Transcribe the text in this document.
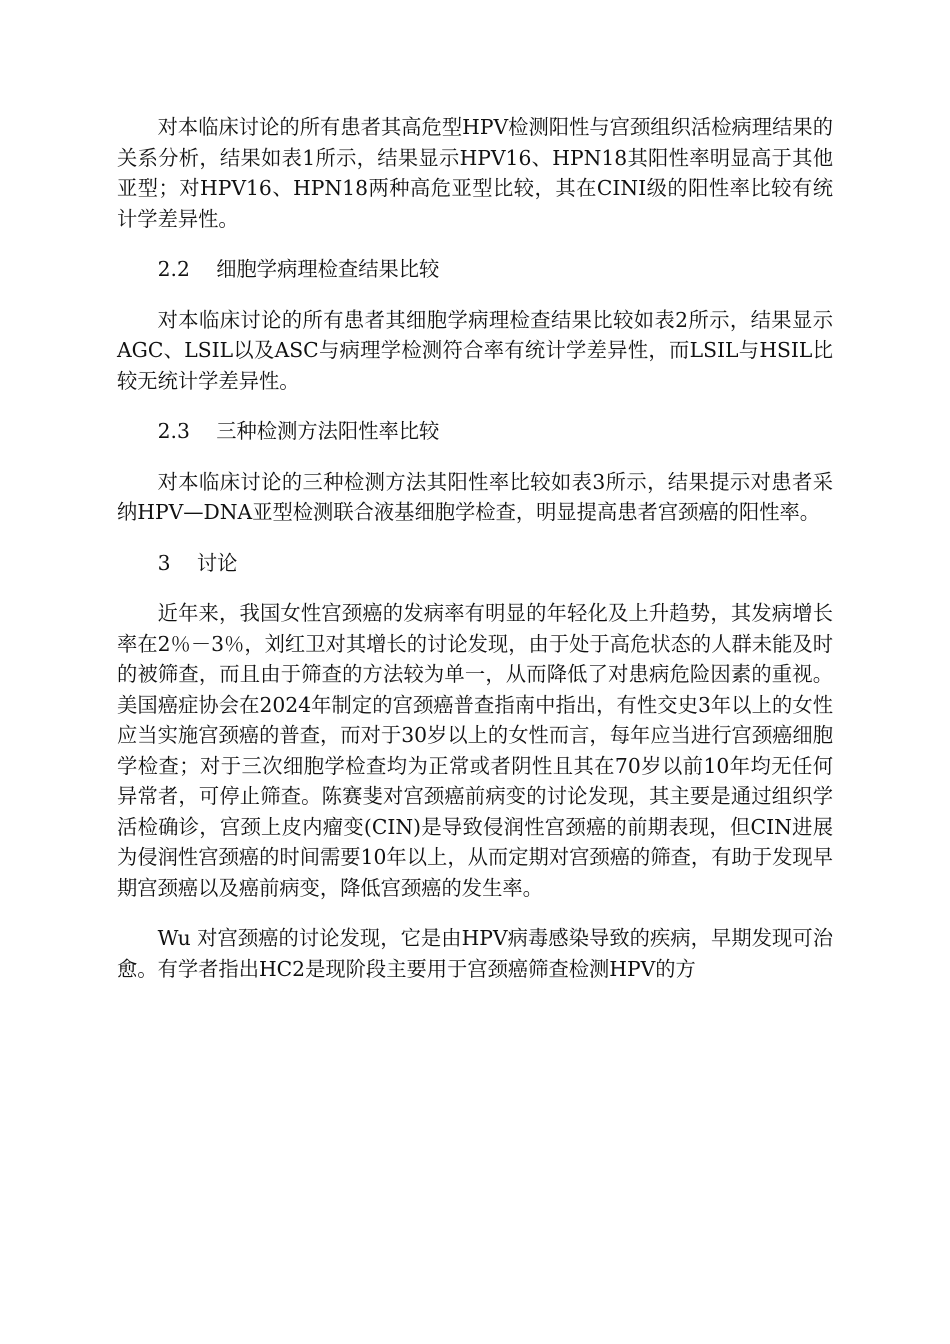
对本临床讨论的所有患者其高危型HPV检测阳性与宫颈组织活检病理结果的关系分析，结果如表1所示，结果显示HPV16、HPN18其阳性率明显高于其他亚型；对HPV16、HPN18两种高危亚型比较，其在CINI级的阳性率比较有统计学差异性。

2.2 细胞学病理检查结果比较

对本临床讨论的所有患者其细胞学病理检查结果比较如表2所示，结果显示AGC、LSIL以及ASC与病理学检测符合率有统计学差异性，而LSIL与HSIL比较无统计学差异性。

2.3 三种检测方法阳性率比较

对本临床讨论的三种检测方法其阳性率比较如表3所示，结果提示对患者采纳HPV—DNA亚型检测联合液基细胞学检查，明显提高患者宫颈癌的阳性率。

3 讨论

近年来，我国女性宫颈癌的发病率有明显的年轻化及上升趋势，其发病增长率在2％－3％，刘红卫对其增长的讨论发现，由于处于高危状态的人群未能及时的被筛查，而且由于筛查的方法较为单一，从而降低了对患病危险因素的重视。美国癌症协会在2024年制定的宫颈癌普查指南中指出，有性交史3年以上的女性应当实施宫颈癌的普查，而对于30岁以上的女性而言，每年应当进行宫颈癌细胞学检查；对于三次细胞学检查均为正常或者阴性且其在70岁以前10年均无任何异常者，可停止筛查。陈赛斐对宫颈癌前病变的讨论发现，其主要是通过组织学活检确诊，宫颈上皮内瘤变(CIN)是导致侵润性宫颈癌的前期表现，但CIN进展为侵润性宫颈癌的时间需要10年以上，从而定期对宫颈癌的筛查，有助于发现早期宫颈癌以及癌前病变，降低宫颈癌的发生率。

Wu 对宫颈癌的讨论发现，它是由HPV病毒感染导致的疾病，早期发现可治愈。有学者指出HC2是现阶段主要用于宫颈癌筛查检测HPV的方
